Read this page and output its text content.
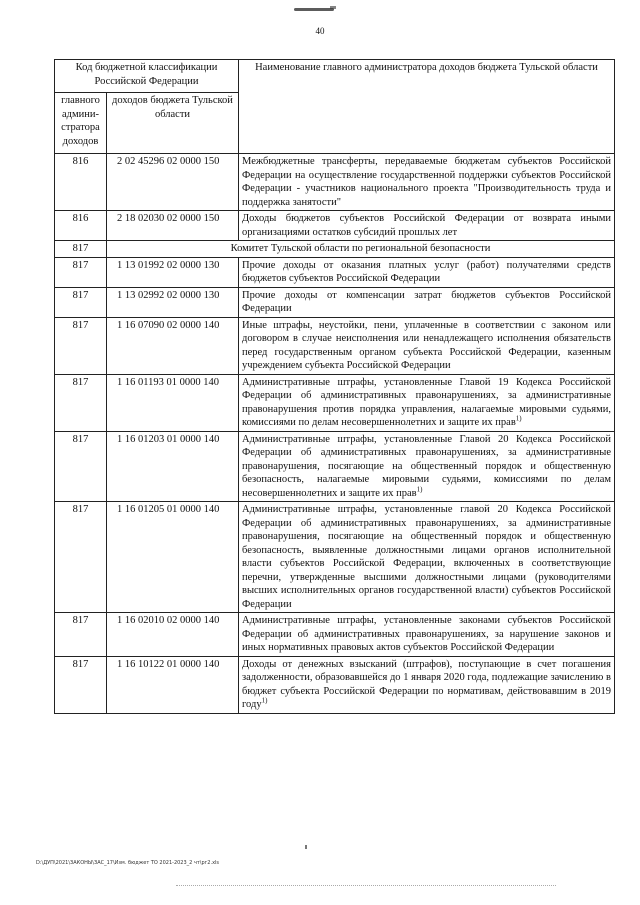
40
Код бюджетной классификации Российской Федерации		Наименование главного администратора доходов бюджета Тульской области
главного админи-стратора доходов	доходов бюджета Тульской области	
816	2 02 45296 02 0000 150	Межбюджетные трансферты, передаваемые бюджетам субъектов Российской Федерации на осуществление государственной поддержки субъектов Российской Федерации - участников национального проекта "Производительность труда и поддержка занятости"
816	2 18 02030 02 0000 150	Доходы бюджетов субъектов Российской Федерации от возврата иными организациями остатков субсидий прошлых лет
817	Комитет Тульской области по региональной безопасности	
817	1 13 01992 02 0000 130	Прочие доходы от оказания платных услуг (работ) получателями средств бюджетов субъектов Российской Федерации
817	1 13 02992 02 0000 130	Прочие доходы от компенсации затрат бюджетов субъектов Российской Федерации
817	1 16 07090 02 0000 140	Иные штрафы, неустойки, пени, уплаченные в соответствии с законом или договором в случае неисполнения или ненадлежащего исполнения обязательств перед государственным органом субъекта Российской Федерации, казенным учреждением субъекта Российской Федерации
817	1 16 01193 01 0000 140	Административные штрафы, установленные Главой 19 Кодекса Российской Федерации об административных правонарушениях, за административные правонарушения против порядка управления, налагаемые мировыми судьями, комиссиями по делам несовершеннолетних и защите их прав$^{1)}$
817	1 16 01203 01 0000 140	Административные штрафы, установленные Главой 20 Кодекса Российской Федерации об административных правонарушениях, за административные правонарушения, посягающие на общественный порядок и общественную безопасность, налагаемые мировыми судьями, комиссиями по делам несовершеннолетних и защите их прав$^{1)}$
817	1 16 01205 01 0000 140	Административные штрафы, установленные главой 20 Кодекса Российской Федерации об административных правонарушениях, за административные правонарушения, посягающие на общественный порядок и общественную безопасность, выявленные должностными лицами органов исполнительной власти субъектов Российской Федерации, включенных в соответствующие перечни, утвержденные высшими должностными лицами (руководителями высших исполнительных органов государственной власти) субъектов Российской Федерации
817	1 16 02010 02 0000 140	Административные штрафы, установленные законами субъектов Российской Федерации об административных правонарушениях, за нарушение законов и иных нормативных правовых актов субъектов Российской Федерации
817	1 16 10122 01 0000 140	Доходы от денежных взысканий (штрафов), поступающие в счет погашения задолженности, образовавшейся до 1 января 2020 года, подлежащие зачислению в бюджет субъекта Российской Федерации по нормативам, действовавшим в 2019 году$^{1)}$
D:\ДУП\2021\ЗАКОНЫ\ЗАС_17\Изм. бюджет ТО 2021-2023_2 чт\рг2.xls
